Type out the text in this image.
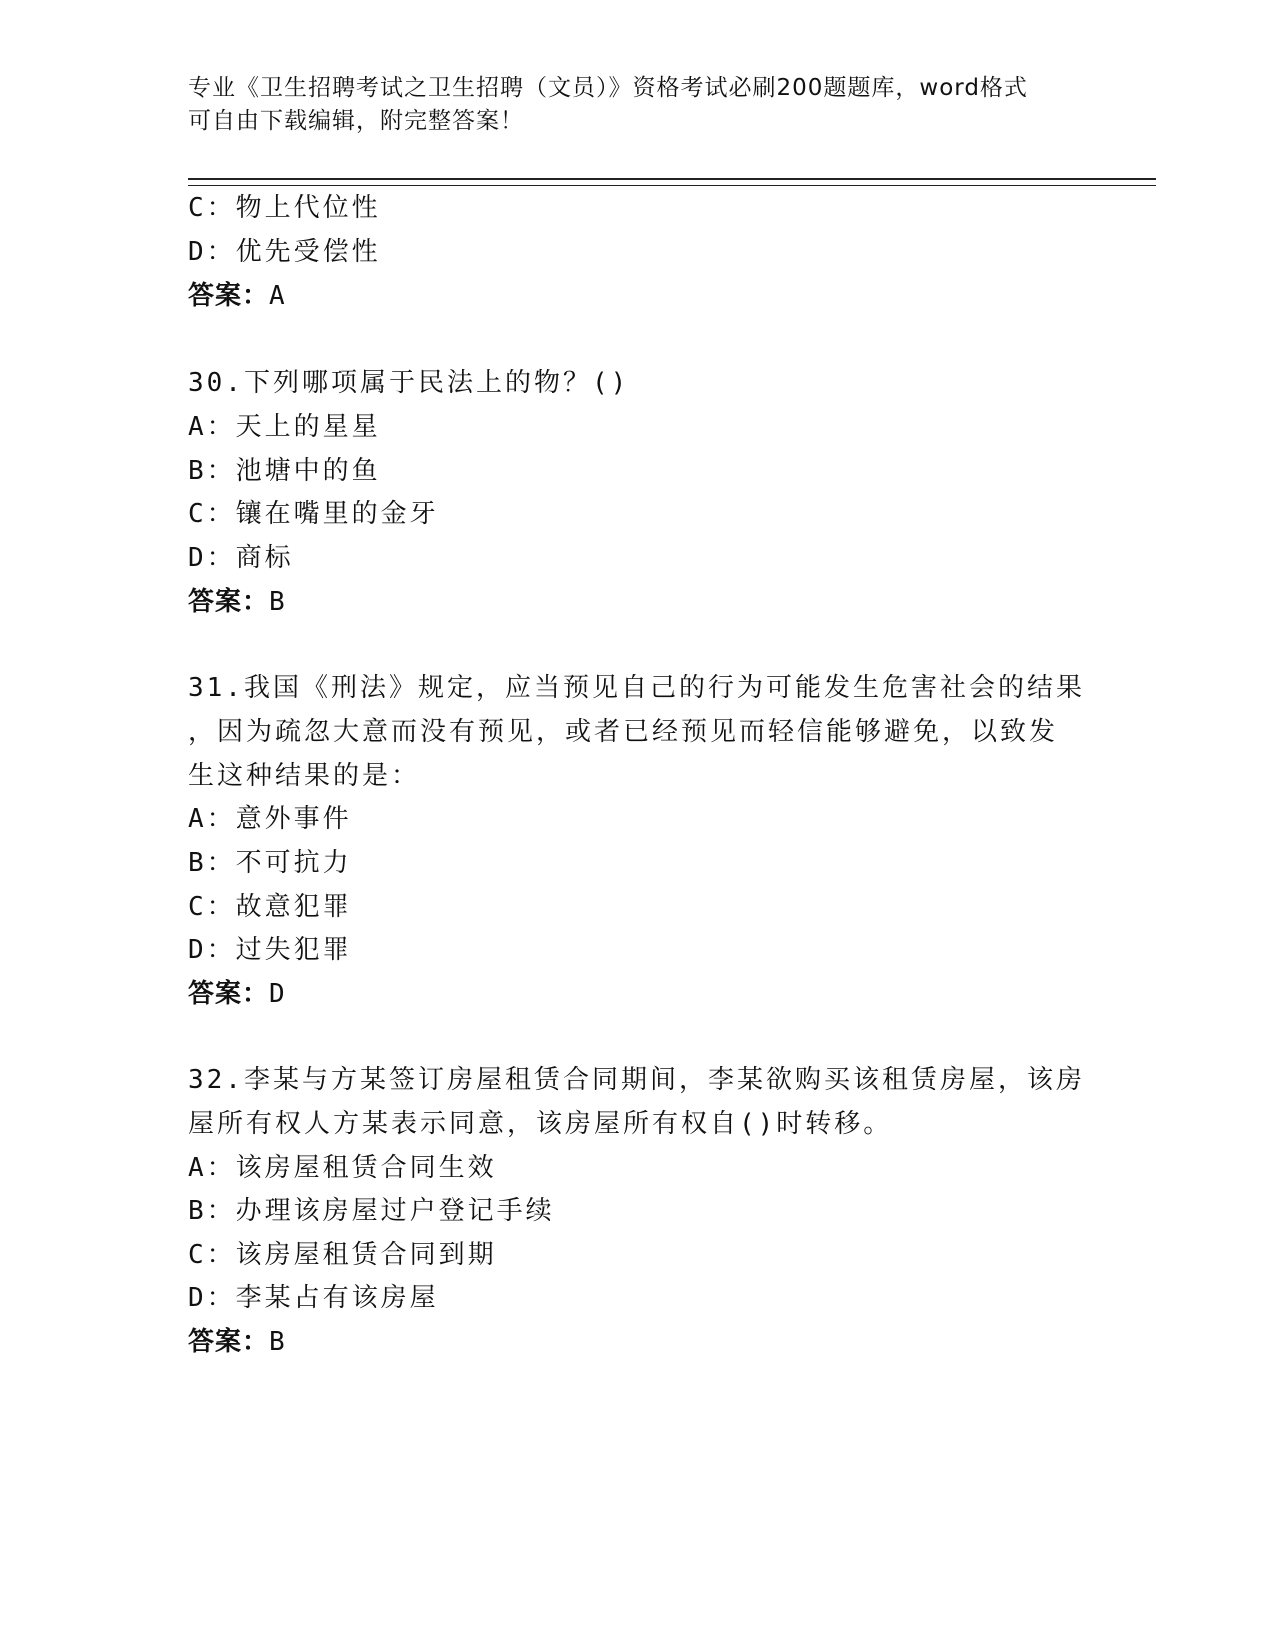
专业《卫生招聘考试之卫生招聘（文员）》资格考试必刷200题题库，word格式
可自由下载编辑，附完整答案！
C：物上代位性
D：优先受偿性
答案：A
30.下列哪项属于民法上的物？()
A：天上的星星
B：池塘中的鱼
C：镶在嘴里的金牙
D：商标
答案：B
31.我国《刑法》规定，应当预见自己的行为可能发生危害社会的结果
，因为疏忽大意而没有预见，或者已经预见而轻信能够避免，以致发
生这种结果的是：
A：意外事件
B：不可抗力
C：故意犯罪
D：过失犯罪
答案：D
32.李某与方某签订房屋租赁合同期间，李某欲购买该租赁房屋，该房
屋所有权人方某表示同意，该房屋所有权自()时转移。
A：该房屋租赁合同生效
B：办理该房屋过户登记手续
C：该房屋租赁合同到期
D：李某占有该房屋
答案：B
